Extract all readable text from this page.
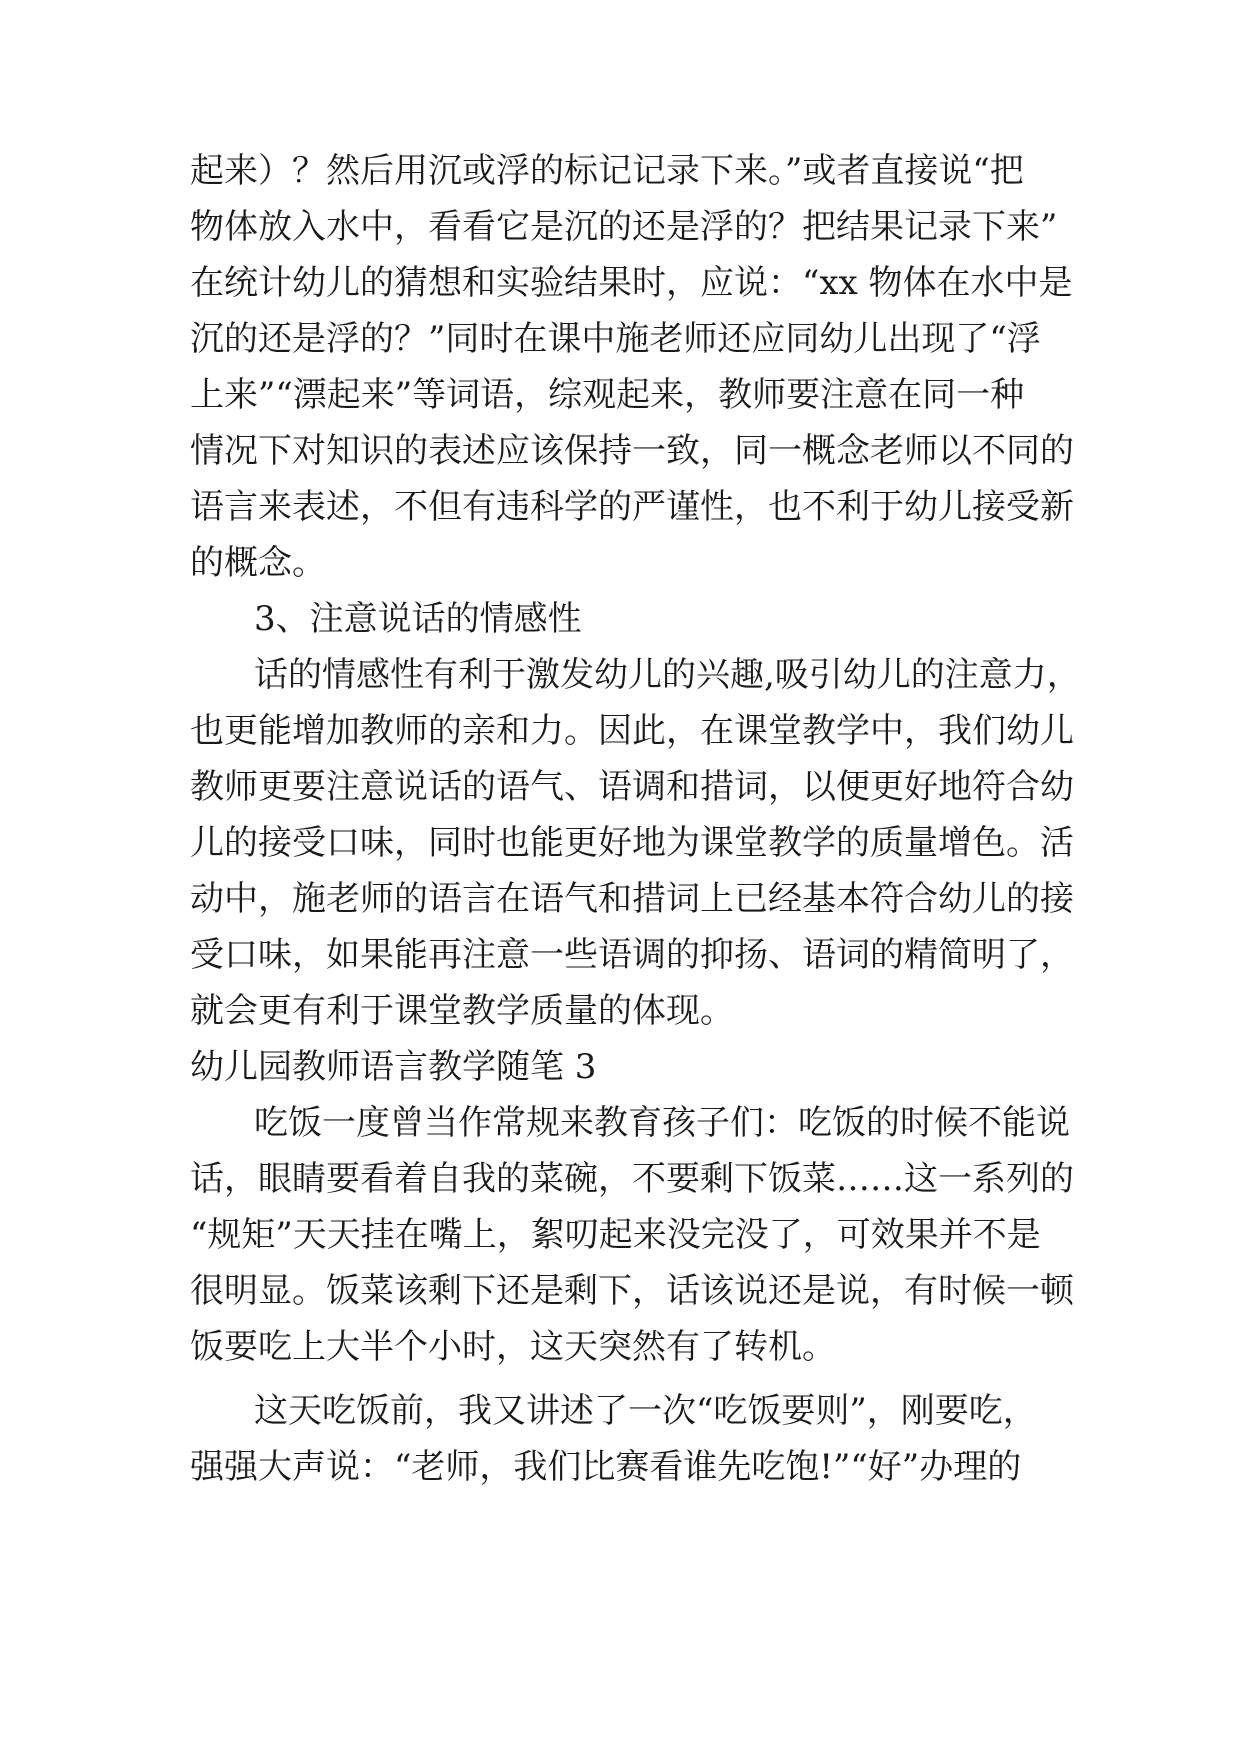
起来）？然后用沉或浮的标记记录下来。”或者直接说“把

物体放入水中，看看它是沉的还是浮的？把结果记录下来”

在统计幼儿的猜想和实验结果时，应说：“xx 物体在水中是

沉的还是浮的？”同时在课中施老师还应同幼儿出现了“浮

上来”“漂起来”等词语，综观起来，教师要注意在同一种

情况下对知识的表述应该保持一致，同一概念老师以不同的

语言来表述，不但有违科学的严谨性，也不利于幼儿接受新

的概念。

3、注意说话的情感性

话的情感性有利于激发幼儿的兴趣,吸引幼儿的注意力，

也更能增加教师的亲和力。因此，在课堂教学中，我们幼儿

教师更要注意说话的语气、语调和措词，以便更好地符合幼

儿的接受口味，同时也能更好地为课堂教学的质量增色。活

动中，施老师的语言在语气和措词上已经基本符合幼儿的接

受口味，如果能再注意一些语调的抑扬、语词的精简明了，

就会更有利于课堂教学质量的体现。

幼儿园教师语言教学随笔 3

吃饭一度曾当作常规来教育孩子们：吃饭的时候不能说

话，眼睛要看着自我的菜碗，不要剩下饭菜……这一系列的

“规矩”天天挂在嘴上，絮叨起来没完没了，可效果并不是

很明显。饭菜该剩下还是剩下，话该说还是说，有时候一顿

饭要吃上大半个小时，这天突然有了转机。

这天吃饭前，我又讲述了一次“吃饭要则”，刚要吃，

强强大声说：“老师，我们比赛看谁先吃饱!”“好”办理的
